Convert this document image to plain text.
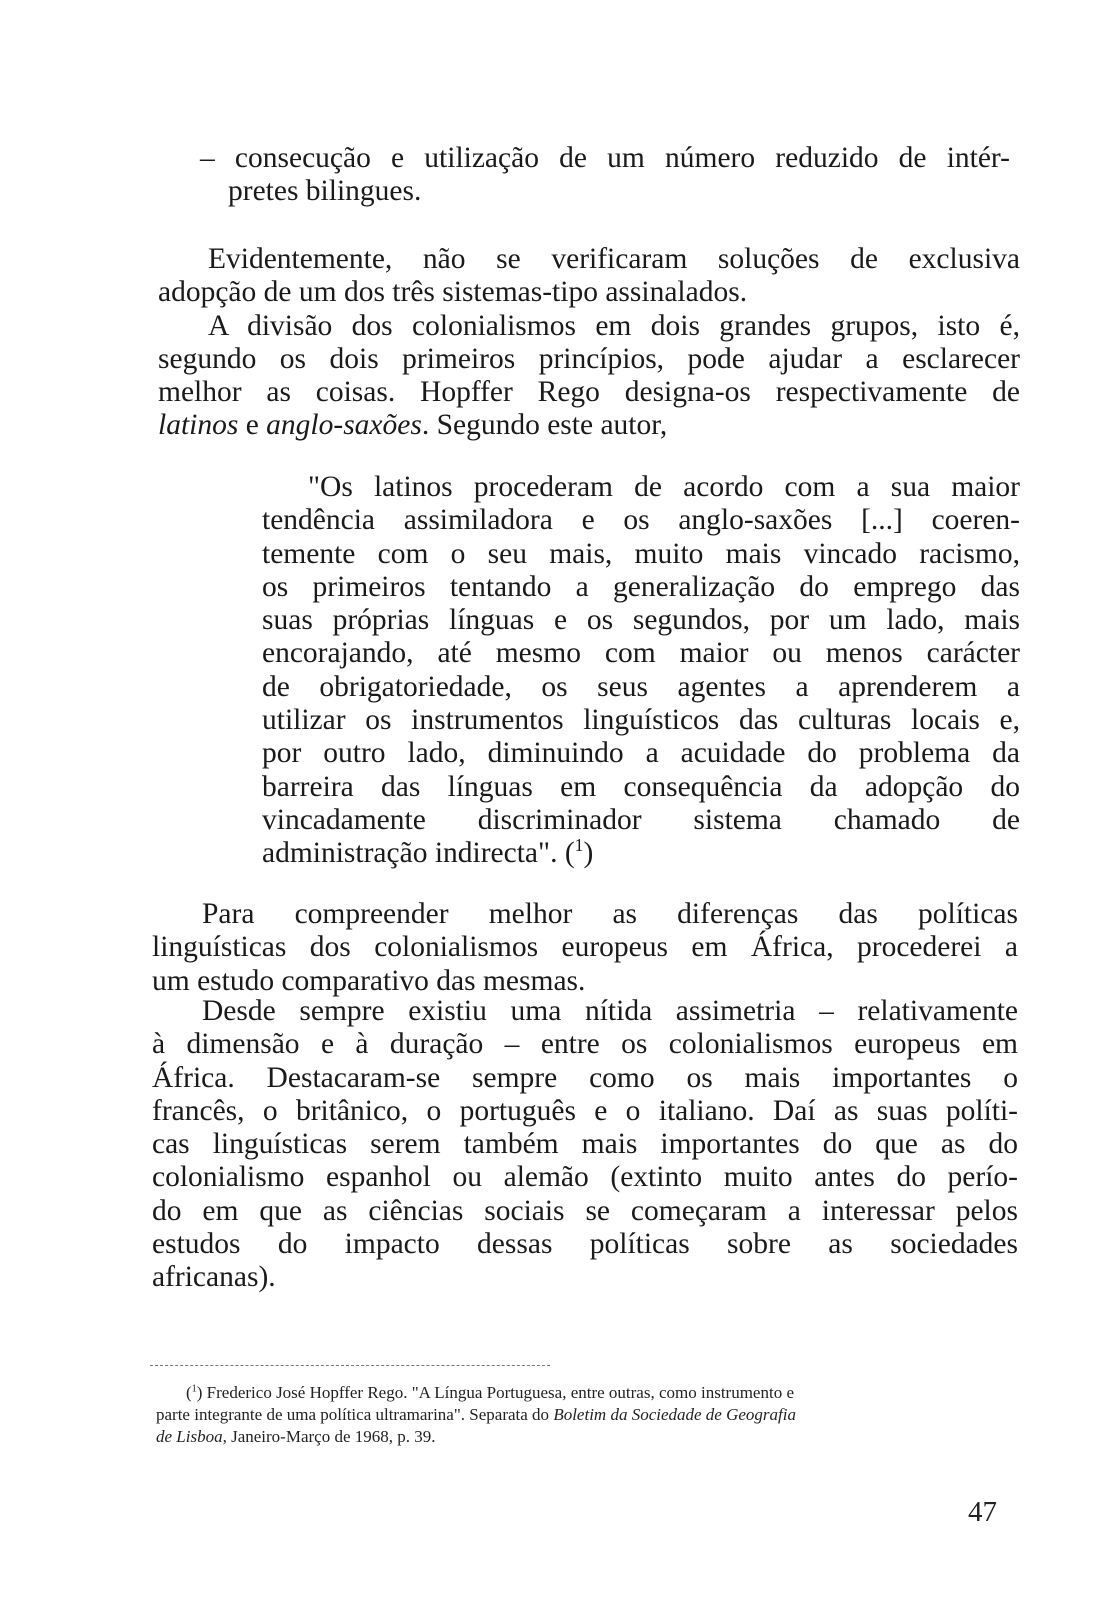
– consecução e utilização de um número reduzido de intér-
pretes bilingues.
Evidentemente, não se verificaram soluções de exclusiva
adopção de um dos três sistemas-tipo assinalados.
A divisão dos colonialismos em dois grandes grupos, isto é,
segundo os dois primeiros princípios, pode ajudar a esclarecer
melhor as coisas. Hopffer Rego designa-os respectivamente de
latinos e anglo-saxões. Segundo este autor,
"Os latinos procederam de acordo com a sua maior
tendência assimiladora e os anglo-saxões [...] coeren-
temente com o seu mais, muito mais vincado racismo,
os primeiros tentando a generalização do emprego das
suas próprias línguas e os segundos, por um lado, mais
encorajando, até mesmo com maior ou menos carácter
de obrigatoriedade, os seus agentes a aprenderem a
utilizar os instrumentos linguísticos das culturas locais e,
por outro lado, diminuindo a acuidade do problema da
barreira das línguas em consequência da adopção do
vincadamente discriminador sistema chamado de
administração indirecta". ($^1$)
Para compreender melhor as diferenças das políticas
linguísticas dos colonialismos europeus em África, procederei a
um estudo comparativo das mesmas.
Desde sempre existiu uma nítida assimetria – relativamente
à dimensão e à duração – entre os colonialismos europeus em
África. Destacaram-se sempre como os mais importantes o
francês, o britânico, o português e o italiano. Daí as suas políti-
cas linguísticas serem também mais importantes do que as do
colonialismo espanhol ou alemão (extinto muito antes do perío-
do em que as ciências sociais se começaram a interessar pelos
estudos do impacto dessas políticas sobre as sociedades
africanas).
($^1$) Frederico José Hopffer Rego. "A Língua Portuguesa, entre outras, como instrumento e
parte integrante de uma política ultramarina". Separata do Boletim da Sociedade de Geografia
de Lisboa, Janeiro-Março de 1968, p. 39.
47
